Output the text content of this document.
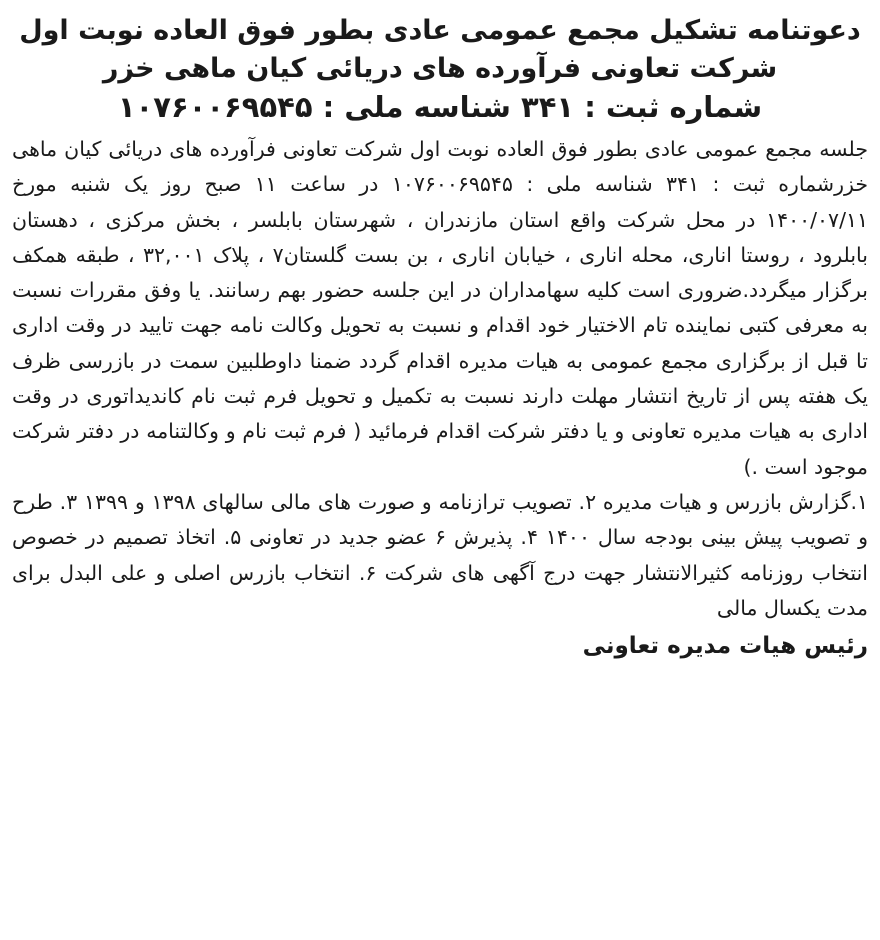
دعوتنامه تشکیل مجمع عمومی عادی بطور فوق العاده نوبت اول
شرکت تعاونی فرآورده های دریائی کیان ماهی خزر
شماره ثبت : ۳۴۱ شناسه ملی : ۱۰۷۶۰۰۶۹۵۴۵

جلسه مجمع عمومی عادی بطور فوق العاده نوبت اول شرکت تعاونی فرآورده های دریائی کیان ماهی خزرشماره ثبت : ۳۴۱ شناسه ملی : ۱۰۷۶۰۰۶۹۵۴۵ در ساعت ۱۱ صبح روز یک شنبه مورخ ۱۴۰۰/۰۷/۱۱ در محل شرکت واقع استان مازندران ، شهرستان بابلسر ، بخش مرکزی ، دهستان بابلرود ، روستا اناری، محله اناری ، خیابان اناری ، بن بست گلستان۷ ، پلاک ۳۲,۰۰۱ ، طبقه همکف برگزار میگردد.ضروری است کلیه سهامداران در این جلسه حضور بهم رسانند. یا وفق مقررات نسبت به معرفی کتبی نماینده تام الاختیار خود اقدام و نسبت به تحویل وکالت نامه جهت تایید در وقت اداری تا قبل از برگزاری مجمع عمومی به هیات مدیره اقدام گردد ضمنا داوطلبین سمت در بازرسی ظرف یک هفته پس از تاریخ انتشار مهلت دارند نسبت به تکمیل و تحویل فرم ثبت نام کاندیداتوری در وقت اداری به هیات مدیره تعاونی و یا دفتر شرکت اقدام فرمائید ( فرم ثبت نام و وکالتنامه در دفتر شرکت موجود است .)

۱.گزارش بازرس و هیات مدیره ۲. تصویب ترازنامه و صورت های مالی سالهای ۱۳۹۸ و ۱۳۹۹ ۳. طرح و تصویب پیش بینی بودجه سال ۱۴۰۰ ۴. پذیرش ۶ عضو جدید در تعاونی ۵. اتخاذ تصمیم در خصوص انتخاب روزنامه کثیرالانتشار جهت درج آگهی های شرکت ۶. انتخاب بازرس اصلی و علی البدل برای مدت یکسال مالی

رئیس هیات مدیره تعاونی
